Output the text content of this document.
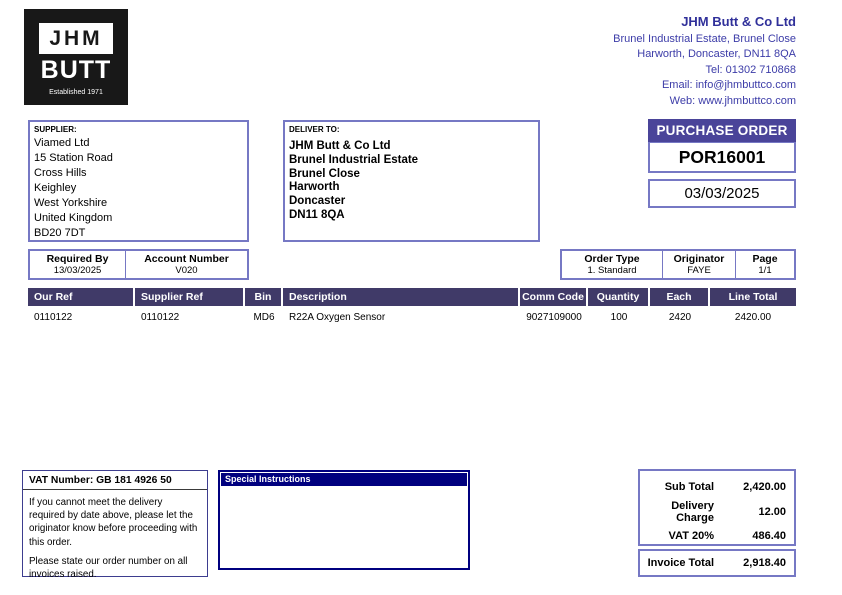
JHM
BUTT
Established 1971
JHM Butt & Co Ltd
Brunel Industrial Estate, Brunel Close
Harworth, Doncaster, DN11 8QA
Tel: 01302 710868
Email: info@jhmbuttco.com
Web: www.jhmbuttco.com
SUPPLIER:
Viamed Ltd
15 Station Road
Cross Hills
Keighley
West Yorkshire
United Kingdom
BD20 7DT
DELIVER TO:
JHM Butt & Co Ltd
Brunel Industrial Estate
Brunel Close
Harworth
Doncaster
DN11 8QA
PURCHASE ORDER
POR16001
03/03/2025
Required By
13/03/2025
Account Number
V020
Order Type
1. Standard
Originator
FAYE
Page
1/1
Our Ref	Supplier Ref	Bin	Description	Comm Code	Quantity	Each	Line Total
0110122	0110122	MD6	R22A Oxygen Sensor	9027109000	100	2420	2420.00
VAT Number: GB 181 4926 50
If you cannot meet the delivery required by date above, please let the originator know before proceeding with this order.
Please state our order number on all invoices raised.
Special Instructions
Sub Total	2,420.00
Delivery Charge	12.00
VAT 20%	486.40
Invoice Total	2,918.40
